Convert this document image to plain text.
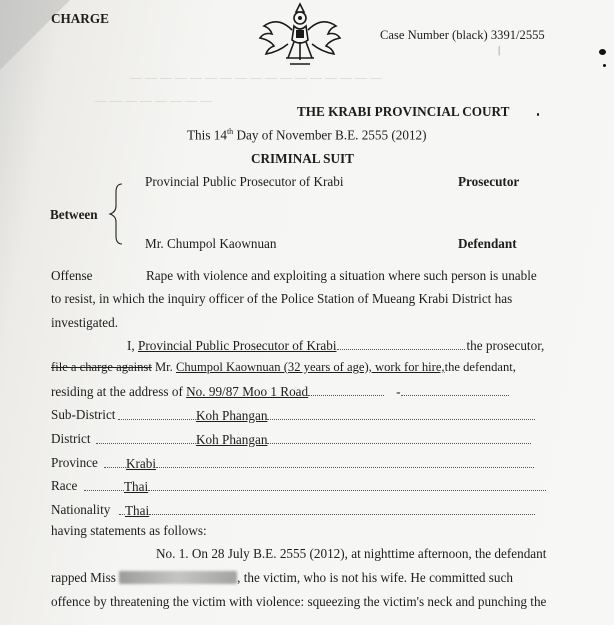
— — — — — — — — — — — — — — — — —
— — — — — — — —
CHARGE
Case Number (black) 3391/2555
|
THE KRABI PROVINCIAL COURT
This 14th Day of November B.E. 2555 (2012)
CRIMINAL SUIT
Provincial Public Prosecutor of Krabi	Prosecutor
Between
Mr. Chumpol Kaownuan	Defendant
Offense	Rape with violence and exploiting a situation where such person is unable
to resist, in which the inquiry officer of the Police Station of Mueang Krabi District has
investigated.
I, Provincial Public Prosecutor of Krabi	the prosecutor,
file a charge against Mr. Chumpol Kaownuan (32 years of age), work for hire,the defendant,
residing at the address of No. 99/87 Moo 1 Road	-
Sub-District	Koh Phangan
District	Koh Phangan
Province	Krabi
Race	Thai
Nationality	Thai
having statements as follows:
No. 1. On 28 July B.E. 2555 (2012), at nighttime afternoon, the defendant
rapped Miss	, the victim, who is not his wife. He committed such
offence by threatening the victim with violence: squeezing the victim's neck and punching the
